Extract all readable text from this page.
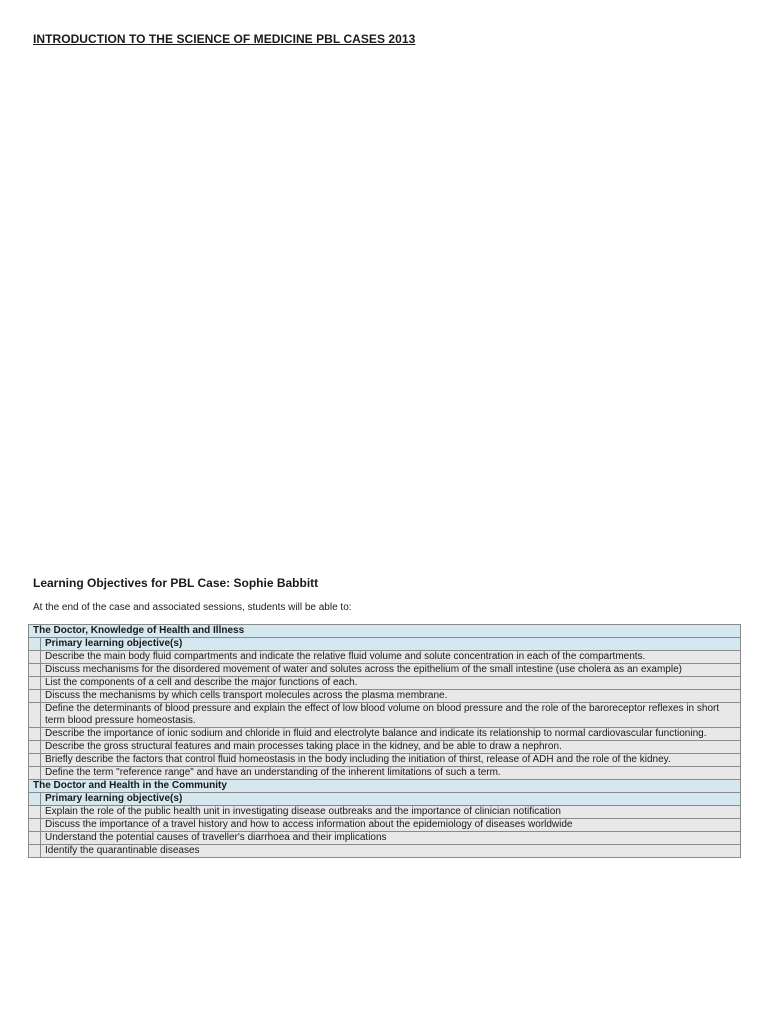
INTRODUCTION TO THE SCIENCE OF MEDICINE PBL CASES 2013
Learning Objectives for PBL Case: Sophie Babbitt
At the end of the case and associated sessions, students will be able to:
The Doctor, Knowledge of Health and Illness	
	Primary learning objective(s)
	Describe the main body fluid compartments and indicate the relative fluid volume and solute concentration in each of the compartments.
	Discuss mechanisms for the disordered movement of water and solutes across the epithelium of the small intestine (use cholera as an example)
	List the components of a cell and describe the major functions of each.
	Discuss the mechanisms by which cells transport molecules across the plasma membrane.
	Define the determinants of blood pressure and explain the effect of low blood volume on blood pressure and the role of the baroreceptor reflexes in short term blood pressure homeostasis.
	Describe the importance of ionic sodium and chloride in fluid and electrolyte balance and indicate its relationship to normal cardiovascular functioning.
	Describe the gross structural features and main processes taking place in the kidney, and be able to draw a nephron.
	Briefly describe the factors that control fluid homeostasis in the body including the initiation of thirst, release of ADH and the role of the kidney.
	Define the term "reference range" and have an understanding of the inherent limitations of such a term.
The Doctor and Health in the Community	
	Primary learning objective(s)
	Explain the role of the public health unit in investigating disease outbreaks and the importance of clinician notification
	Discuss the importance of a travel history and how to access information about the epidemiology of diseases worldwide
	Understand the potential causes of traveller's diarrhoea and their implications
	Identify the quarantinable diseases
